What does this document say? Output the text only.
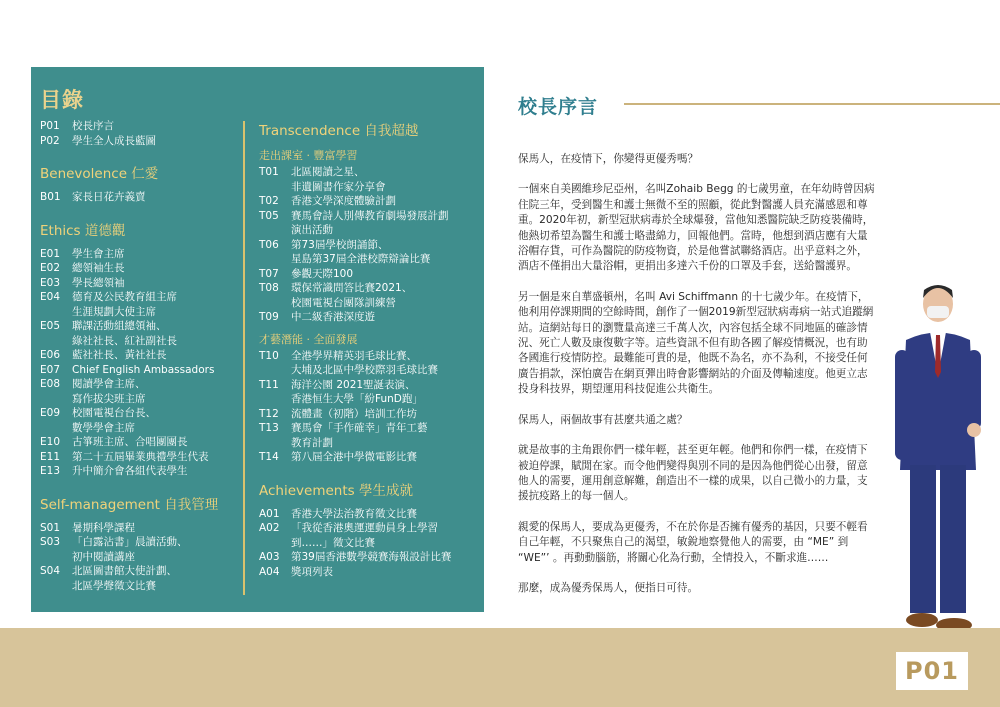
目錄
P01	校長序言
P02	學生全人成長藍圖
Benevolence 仁愛
B01	家長日花卉義賣
Ethics 道德觀
E01	學生會主席
E02	總領袖生長
E03	學長總領袖
E04	德育及公民教育組主席
生涯規劃大使主席
E05	聯課活動組總領袖、
綠社社長、紅社副社長
E06	藍社社長、黃社社長
E07	Chief English Ambassadors
E08	閱讀學會主席、
寫作拔尖班主席
E09	校園電視台台長、
數學學會主席
E10	古箏班主席、合唱團團長
E11	第二十五屆畢業典禮學生代表
E13	升中簡介會各組代表學生
Self-management 自我管理
S01	暑期科學課程
S03	「白露沾書」晨讀活動、
初中閱讀講座
S04	北區圖書館大使計劃、
北區學聲徵文比賽
Transcendence 自我超越
走出課室 ‧ 豐富學習
T01	北區閱讀之星、
非遺圖書作家分享會
T02	香港文學深度體驗計劃
T05	賽馬會詩人別傳教育劇場發展計劃
演出活動
T06	第73屆學校朗誦節、
星島第37屆全港校際辯論比賽
T07	參觀天際100
T08	環保常識問答比賽2021、
校園電視台團隊訓練營
T09	中二級香港深度遊
才藝潛能 ‧ 全面發展
T10	全港學界精英羽毛球比賽、
大埔及北區中學校際羽毛球比賽
T11	海洋公園 2021聖誕表演、
香港恒生大學「紛FunD跑」
T12	流體畫（初階）培訓工作坊
T13	賽馬會「手作確幸」青年工藝
教育計劃
T14	第八屆全港中學微電影比賽
Achievements 學生成就
A01	香港大學法治教育徵文比賽
A02	「我從香港奧運運動員身上學習
到……」徵文比賽
A03	第39屆香港數學競賽海報設計比賽
A04	獎項列表
校長序言

保馬人，在疫情下，你變得更優秀嗎？

一個來自美國維珍尼亞州，名叫Zohaib Begg 的七歲男童，在年幼時曾因病住院三年，受到醫生和護士無微不至的照顧，從此對醫護人員充滿感恩和尊重。2020年初，新型冠狀病毒於全球爆發，當他知悉醫院缺乏防疫裝備時，他熱切希望為醫生和護士略盡綿力，回報他們。當時，他想到酒店應有大量浴帽存貨，可作為醫院的防疫物資，於是他嘗試聯絡酒店。出乎意料之外，酒店不僅捐出大量浴帽，更捐出多達六千份的口罩及手套，送給醫護界。

另一個是來自華盛頓州，名叫 Avi Schiffmann 的十七歲少年。在疫情下，他利用停課期間的空餘時間，創作了一個2019新型冠狀病毒病一站式追蹤網站。這網站每日的瀏覽量高達三千萬人次，內容包括全球不同地區的確診情況、死亡人數及康復數字等。這些資訊不但有助各國了解疫情概況，也有助各國進行疫情防控。最難能可貴的是，他既不為名，亦不為利，不接受任何廣告捐款，深怕廣告在網頁彈出時會影響網站的介面及傳輸速度。他更立志投身科技界，期望運用科技促進公共衛生。

保馬人，兩個故事有甚麼共通之處？

就是故事的主角跟你們一樣年輕，甚至更年輕。他們和你們一樣，在疫情下被迫停課，賦閒在家。而令他們變得與別不同的是因為他們從心出發，留意他人的需要，運用創意解難，創造出不一樣的成果，以自己微小的力量，支援抗疫路上的每一個人。

親愛的保馬人，要成為更優秀，不在於你是否擁有優秀的基因，只要不輕看自己年輕，不只聚焦自己的渴望，敏銳地察覺他人的需要，由 “ME” 到 “WE”’ 。再動動腦筋，將關心化為行動，全情投入，不斷求進……

那麼，成為優秀保馬人，便指日可待。

P01
